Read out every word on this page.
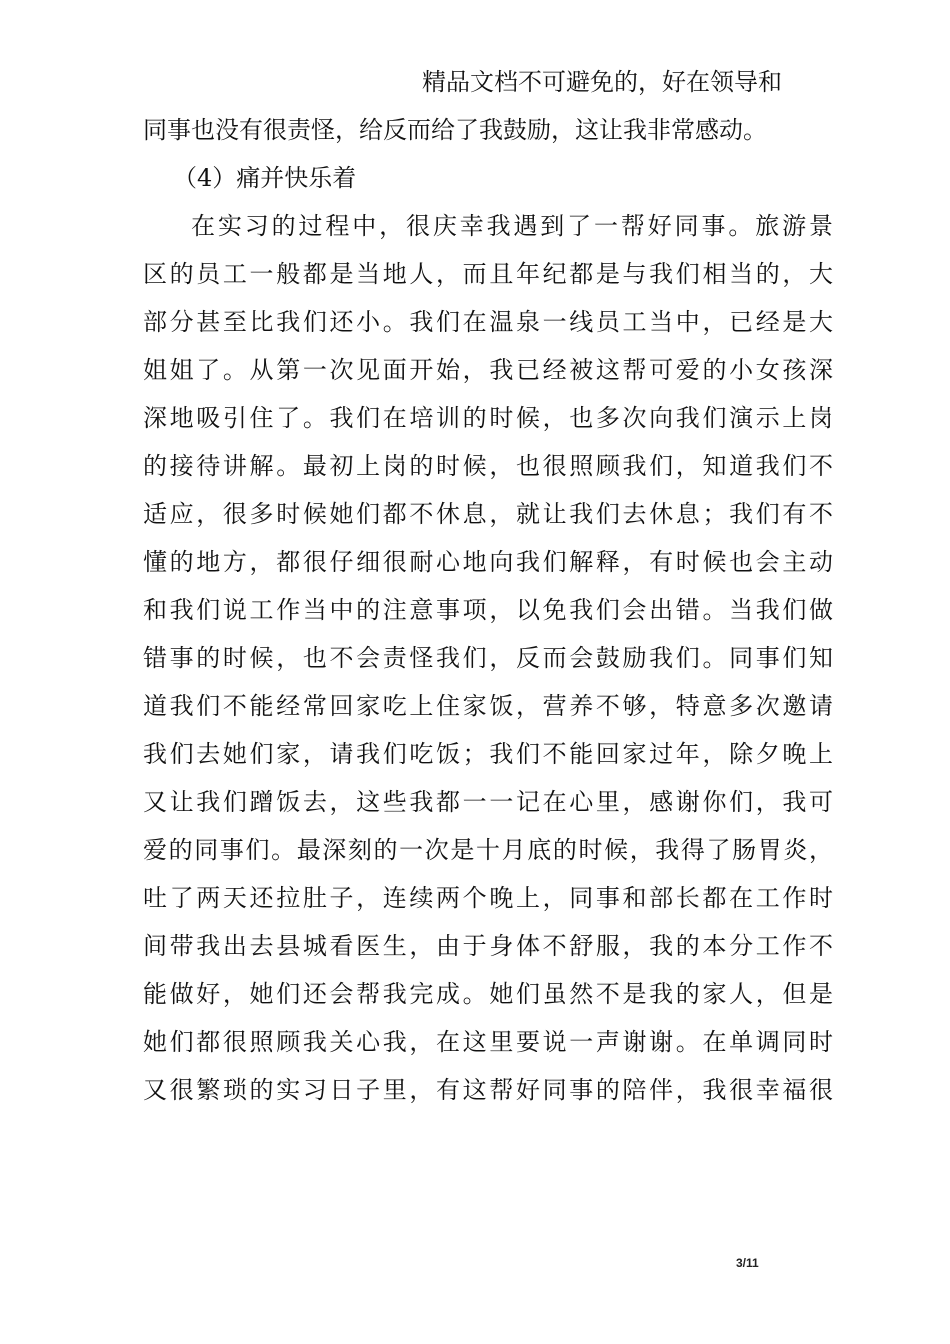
精品文档不可避免的，好在领导和
同事也没有很责怪，给反而给了我鼓励，这让我非常感动。
（4）痛并快乐着
在实习的过程中，很庆幸我遇到了一帮好同事。旅游景
区的员工一般都是当地人，而且年纪都是与我们相当的，大
部分甚至比我们还小。我们在温泉一线员工当中，已经是大
姐姐了。从第一次见面开始，我已经被这帮可爱的小女孩深
深地吸引住了。我们在培训的时候，也多次向我们演示上岗
的接待讲解。最初上岗的时候，也很照顾我们，知道我们不
适应，很多时候她们都不休息，就让我们去休息；我们有不
懂的地方，都很仔细很耐心地向我们解释，有时候也会主动
和我们说工作当中的注意事项，以免我们会出错。当我们做
错事的时候，也不会责怪我们，反而会鼓励我们。同事们知
道我们不能经常回家吃上住家饭，营养不够，特意多次邀请
我们去她们家，请我们吃饭；我们不能回家过年，除夕晚上
又让我们蹭饭去，这些我都一一记在心里，感谢你们，我可
爱的同事们。最深刻的一次是十月底的时候，我得了肠胃炎，
吐了两天还拉肚子，连续两个晚上，同事和部长都在工作时
间带我出去县城看医生，由于身体不舒服，我的本分工作不
能做好，她们还会帮我完成。她们虽然不是我的家人，但是
她们都很照顾我关心我，在这里要说一声谢谢。在单调同时
又很繁琐的实习日子里，有这帮好同事的陪伴，我很幸福很
3/11
